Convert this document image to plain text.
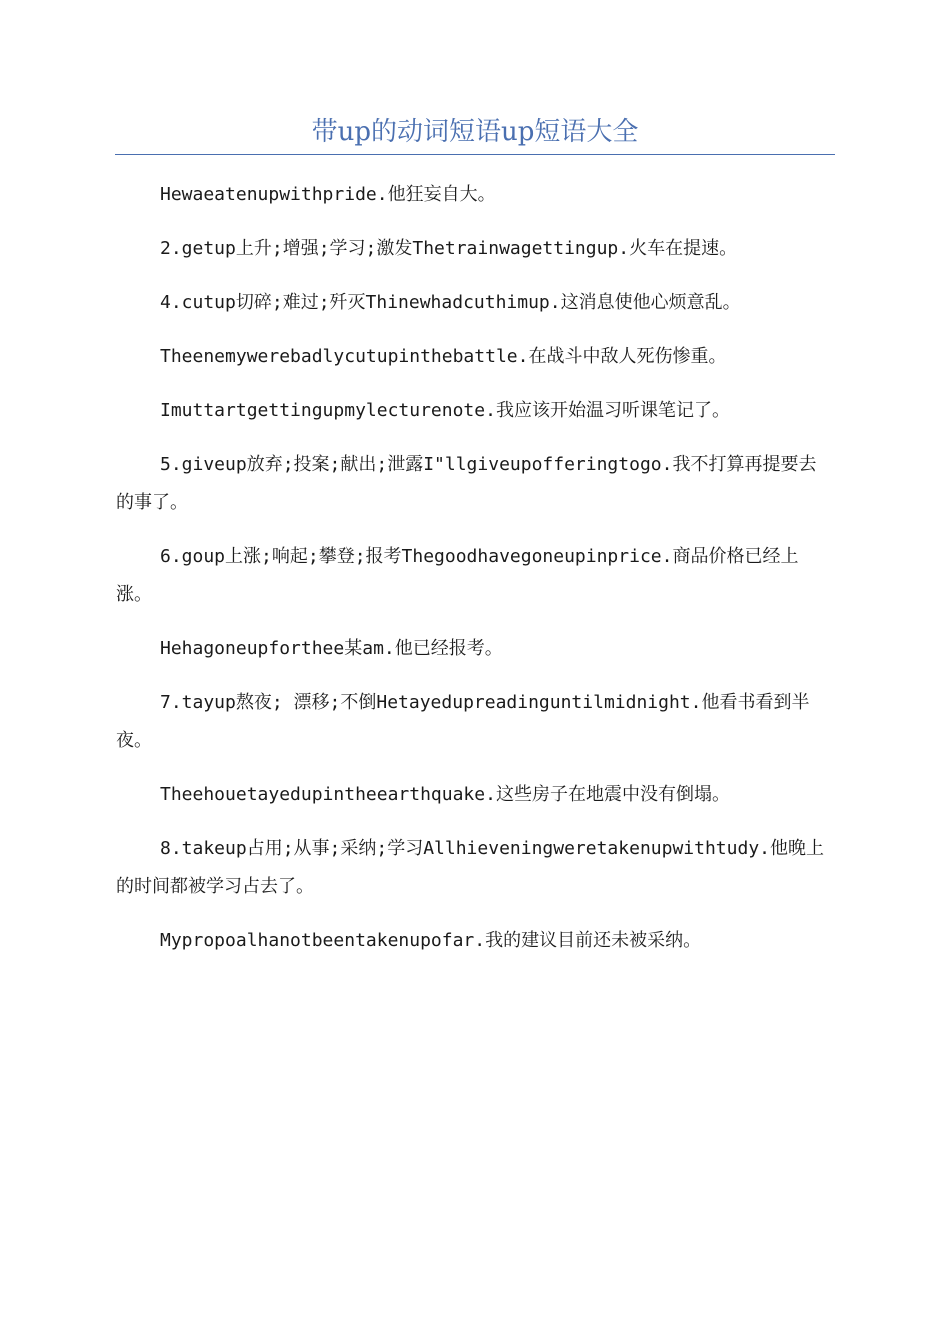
带up的动词短语up短语大全

Hewaeatenupwithpride.他狂妄自大。

2.getup上升;增强;学习;激发Thetrainwagettingup.火车在提速。

4.cutup切碎;难过;歼灭Thinewhadcuthimup.这消息使他心烦意乱。

Theenemywerebadlycutupinthebattle.在战斗中敌人死伤惨重。

Imuttartgettingupmylecturenote.我应该开始温习听课笔记了。

5.giveup放弃;投案;献出;泄露I"llgiveupofferingtogo.我不打算再提要去的事了。

6.goup上涨;响起;攀登;报考Thegoodhavegoneupinprice.商品价格已经上涨。

Hehagoneupforthee某am.他已经报考。

7.tayup熬夜; 漂移;不倒Hetayedupreadinguntilmidnight.他看书看到半夜。

Theehouetayedupintheearthquake.这些房子在地震中没有倒塌。

8.takeup占用;从事;采纳;学习Allhieveningweretakenupwithtudy.他晚上的时间都被学习占去了。

Mypropoalhanotbeentakenupofar.我的建议目前还未被采纳。
